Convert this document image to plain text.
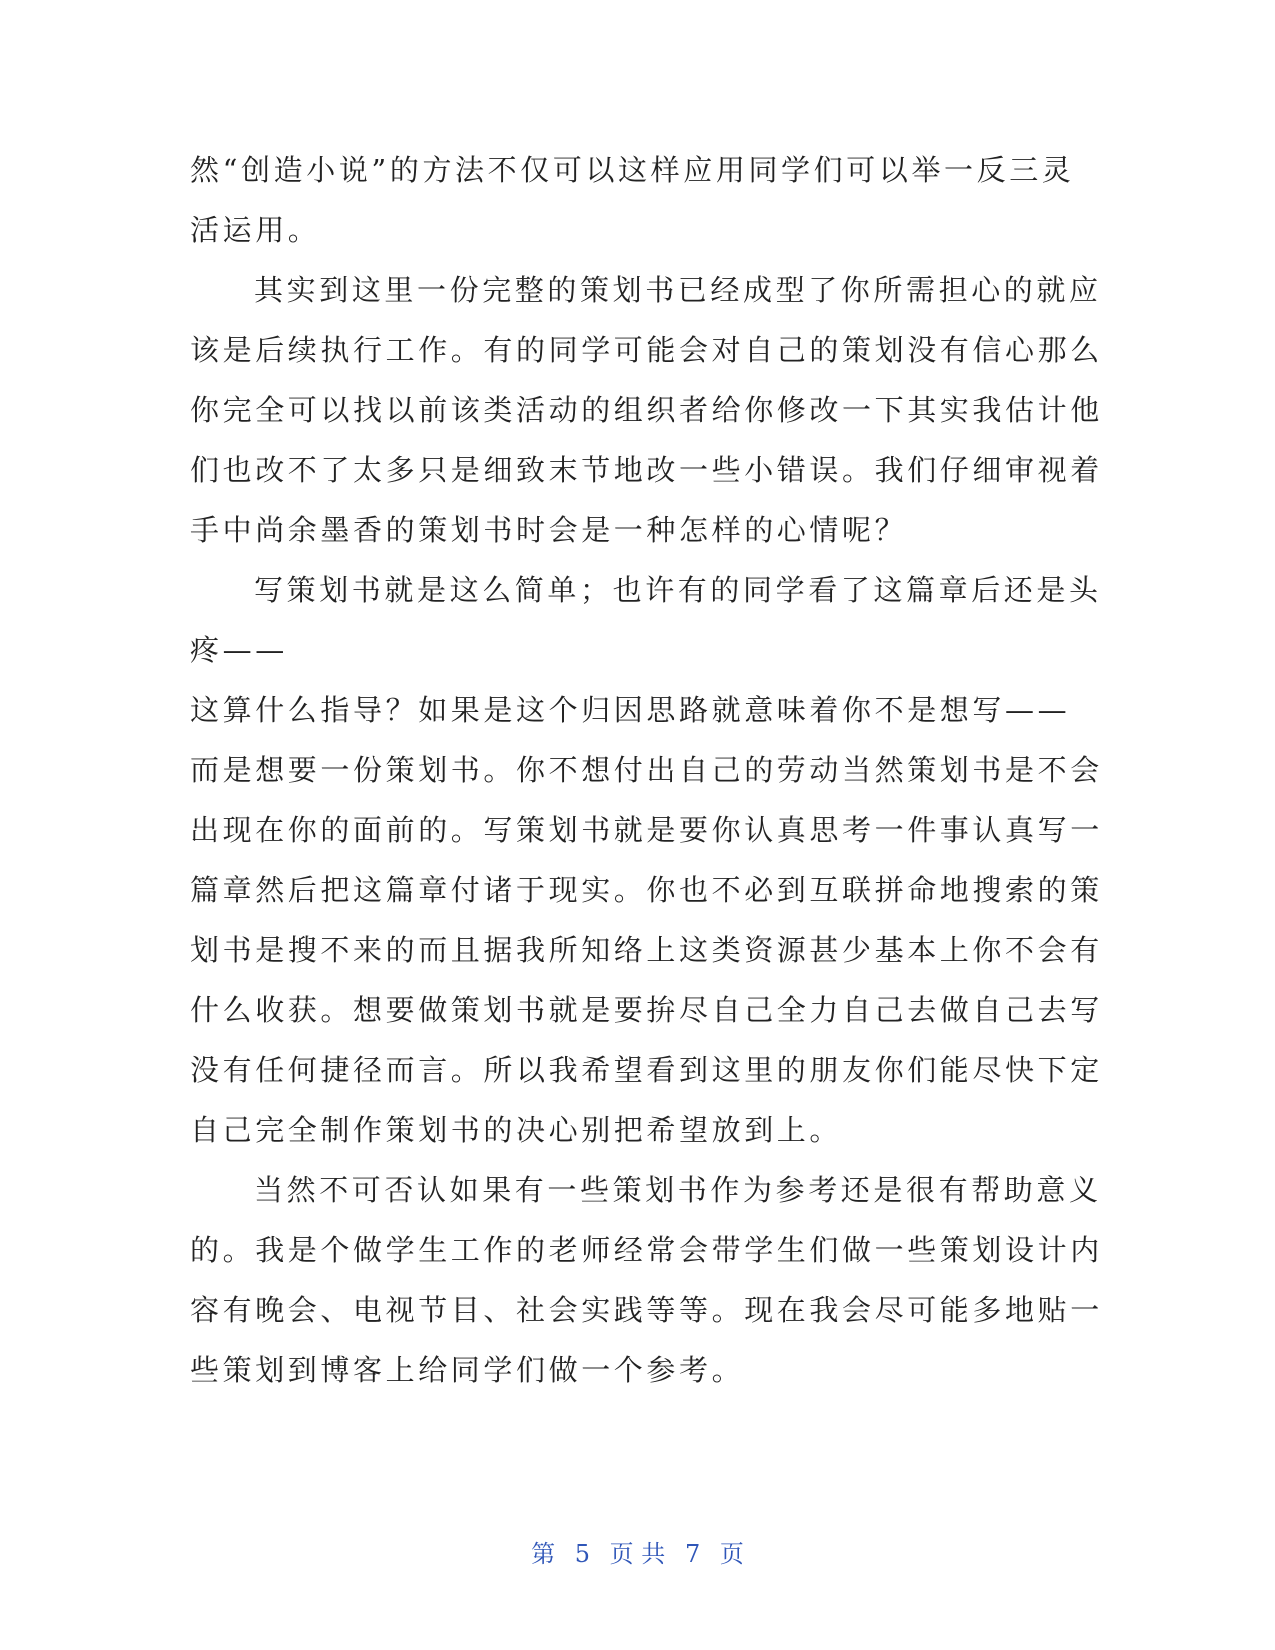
然“创造小说”的方法不仅可以这样应用同学们可以举一反三灵
活运用。
其实到这里一份完整的策划书已经成型了你所需担心的就应
该是后续执行工作。有的同学可能会对自己的策划没有信心那么
你完全可以找以前该类活动的组织者给你修改一下其实我估计他
们也改不了太多只是细致末节地改一些小错误。我们仔细审视着
手中尚余墨香的策划书时会是一种怎样的心情呢？
写策划书就是这么简单；也许有的同学看了这篇章后还是头
疼——
这算什么指导？如果是这个归因思路就意味着你不是想写——
而是想要一份策划书。你不想付出自己的劳动当然策划书是不会
出现在你的面前的。写策划书就是要你认真思考一件事认真写一
篇章然后把这篇章付诸于现实。你也不必到互联拼命地搜索的策
划书是搜不来的而且据我所知络上这类资源甚少基本上你不会有
什么收获。想要做策划书就是要拚尽自己全力自己去做自己去写
没有任何捷径而言。所以我希望看到这里的朋友你们能尽快下定
自己完全制作策划书的决心别把希望放到上。
当然不可否认如果有一些策划书作为参考还是很有帮助意义
的。我是个做学生工作的老师经常会带学生们做一些策划设计内
容有晚会、电视节目、社会实践等等。现在我会尽可能多地贴一
些策划到博客上给同学们做一个参考。
第 5 页 共 7 页
